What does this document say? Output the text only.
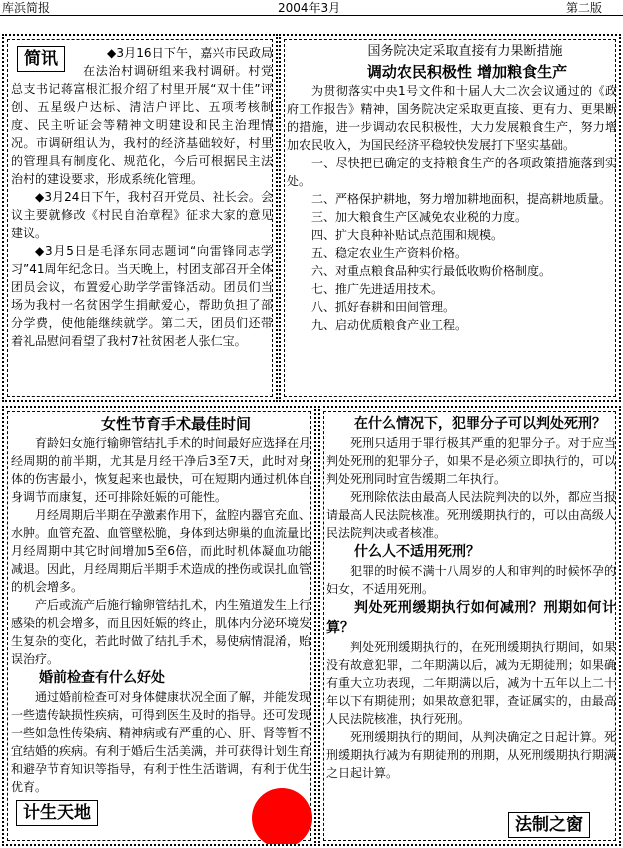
库浜简报	2004年3月	第二版
简讯	◆3月16日下午，嘉兴市民政局在法治村调研组来我村调研。村党总支书记蒋富根汇报介绍了村里开展“双十佳”评创、五星级户达标、清洁户评比、五项考核制度、民主听证会等精神文明建设和民主治理情况。市调研组认为，我村的经济基础较好，村里的管理具有制度化、规范化，今后可根据民主法治村的建设要求，形成系统化管理。

◆3月24日下午，我村召开党员、社长会。会议主要就修改《村民自治章程》征求大家的意见建议。

◆3月5日是毛泽东同志题词“向雷锋同志学习”41周年纪念日。当天晚上，村团支部召开全体团员会议，布置爱心助学学雷锋活动。团员们当场为我村一名贫困学生捐献爱心，帮助负担了部分学费，使他能继续就学。第二天，团员们还带着礼品慰问看望了我村7社贫困老人张仁宝。

国务院决定采取直接有力果断措施

调动农民积极性 增加粮食生产

为贯彻落实中央1号文件和十届人大二次会议通过的《政府工作报告》精神，国务院决定采取更直接、更有力、更果断的措施，进一步调动农民积极性，大力发展粮食生产，努力增加农民收入，为国民经济平稳较快发展打下坚实基础。

一、尽快把已确定的支持粮食生产的各项政策措施落到实处。

二、严格保护耕地，努力增加耕地面积，提高耕地质量。

三、加大粮食生产区减免农业税的力度。

四、扩大良种补贴试点范围和规模。

五、稳定农业生产资料价格。

六、对重点粮食品种实行最低收购价格制度。

七、推广先进适用技术。

八、抓好春耕和田间管理。

九、启动优质粮食产业工程。

女性节育手术最佳时间

育龄妇女施行输卵管结扎手术的时间最好应选择在月经周期的前半期，尤其是月经干净后3至7天，此时对身体的伤害最小，恢复起来也最快，可在短期内通过机体自身调节而康复，还可排除妊娠的可能性。

月经周期后半期在孕激素作用下，盆腔内器官充血、水肿。血管充盈、血管壁松脆，身体到达卵巢的血流量比月经周期中其它时间增加5至6倍，而此时机体凝血功能减退。因此，月经周期后半期手术造成的挫伤或误扎血管的机会增多。

产后或流产后施行输卵管结扎术，内生殖道发生上行感染的机会增多，而且因妊娠的终止，肌体内分泌环境发生复杂的变化，若此时做了结扎手术，易使病情混淆，贻误治疗。

婚前检查有什么好处

通过婚前检查可对身体健康状况全面了解，并能发现一些遗传缺损性疾病，可得到医生及时的指导。还可发现一些如急性传染病、精神病或有严重的心、肝、肾等暂不宜结婚的疾病。有利于婚后生活美满，并可获得计划生育和避孕节育知识等指导，有利于性生活谐调，有利于优生优育。

计生天地

在什么情况下，犯罪分子可以判处死刑？

死刑只适用于罪行极其严重的犯罪分子。对于应当判处死刑的犯罪分子，如果不是必须立即执行的，可以判处死刑同时宣告缓期二年执行。

死刑除依法由最高人民法院判决的以外，都应当报请最高人民法院核准。死刑缓期执行的，可以由高级人民法院判决或者核准。

什么人不适用死刑？

犯罪的时候不满十八周岁的人和审判的时候怀孕的妇女，不适用死刑。

判处死刑缓期执行如何减刑？刑期如何计算？

判处死刑缓期执行的，在死刑缓期执行期间，如果没有故意犯罪，二年期满以后，减为无期徒刑；如果确有重大立功表现，二年期满以后，减为十五年以上二十年以下有期徒刑；如果故意犯罪，查证属实的，由最高人民法院核准，执行死刑。

死刑缓期执行的期间，从判决确定之日起计算。死刑缓期执行减为有期徒刑的刑期，从死刑缓期执行期满之日起计算。

法制之窗
